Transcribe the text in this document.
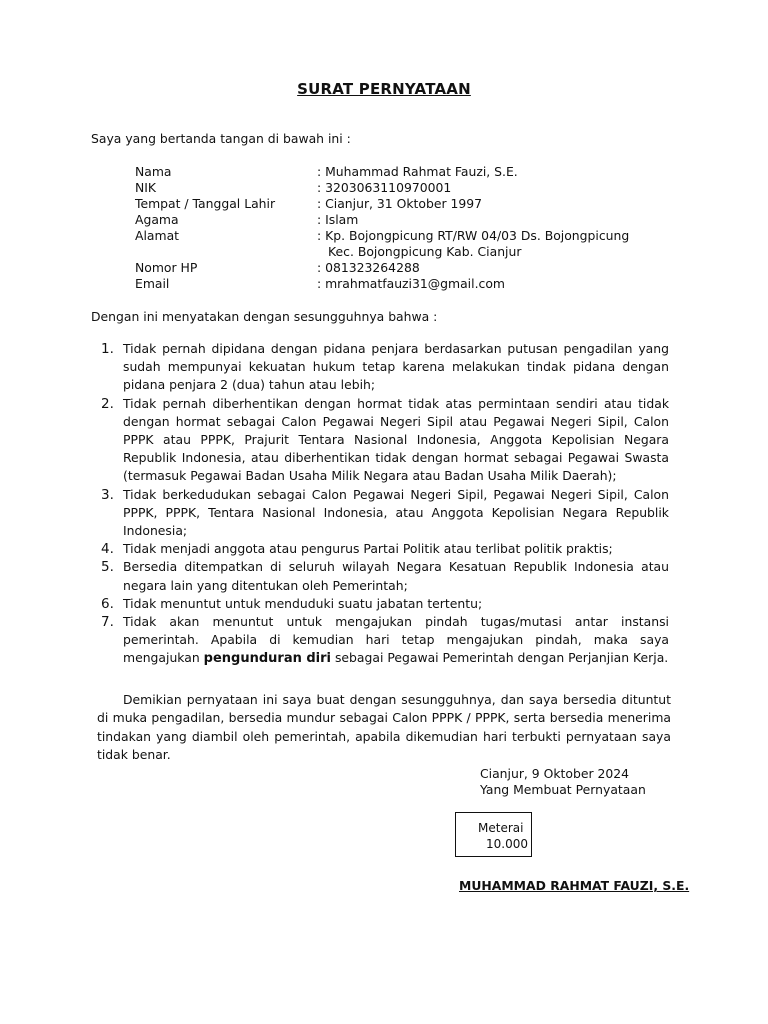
SURAT PERNYATAAN
Saya yang bertanda tangan di bawah ini :
Nama	: Muhammad Rahmat Fauzi, S.E.
NIK	: 3203063110970001
Tempat / Tanggal Lahir	: Cianjur, 31 Oktober 1997
Agama	: Islam
Alamat	: Kp. Bojongpicung RT/RW 04/03 Ds. Bojongpicung
Kec. Bojongpicung Kab. Cianjur
Nomor HP	: 081323264288
Email	: mrahmatfauzi31@gmail.com
Dengan ini menyatakan dengan sesungguhnya bahwa :
1. Tidak pernah dipidana dengan pidana penjara berdasarkan putusan pengadilan yang sudah mempunyai kekuatan hukum tetap karena melakukan tindak pidana dengan pidana penjara 2 (dua) tahun atau lebih;
2. Tidak pernah diberhentikan dengan hormat tidak atas permintaan sendiri atau tidak dengan hormat sebagai Calon Pegawai Negeri Sipil atau Pegawai Negeri Sipil, Calon PPPK atau PPPK, Prajurit Tentara Nasional Indonesia, Anggota Kepolisian Negara Republik Indonesia, atau diberhentikan tidak dengan hormat sebagai Pegawai Swasta (termasuk Pegawai Badan Usaha Milik Negara atau Badan Usaha Milik Daerah);
3. Tidak berkedudukan sebagai Calon Pegawai Negeri Sipil, Pegawai Negeri Sipil, Calon PPPK, PPPK, Tentara Nasional Indonesia, atau Anggota Kepolisian Negara Republik Indonesia;
4. Tidak menjadi anggota atau pengurus Partai Politik atau terlibat politik praktis;
5. Bersedia ditempatkan di seluruh wilayah Negara Kesatuan Republik Indonesia atau negara lain yang ditentukan oleh Pemerintah;
6. Tidak menuntut untuk menduduki suatu jabatan tertentu;
7. Tidak akan menuntut untuk mengajukan pindah tugas/mutasi antar instansi pemerintah. Apabila di kemudian hari tetap mengajukan pindah, maka saya mengajukan pengunduran diri sebagai Pegawai Pemerintah dengan Perjanjian Kerja.
Demikian pernyataan ini saya buat dengan sesungguhnya, dan saya bersedia dituntut di muka pengadilan, bersedia mundur sebagai Calon PPPK / PPPK, serta bersedia menerima tindakan yang diambil oleh pemerintah, apabila dikemudian hari terbukti pernyataan saya tidak benar.
Cianjur, 9 Oktober 2024
Yang Membuat Pernyataan
Meterai
10.000
MUHAMMAD RAHMAT FAUZI, S.E.
